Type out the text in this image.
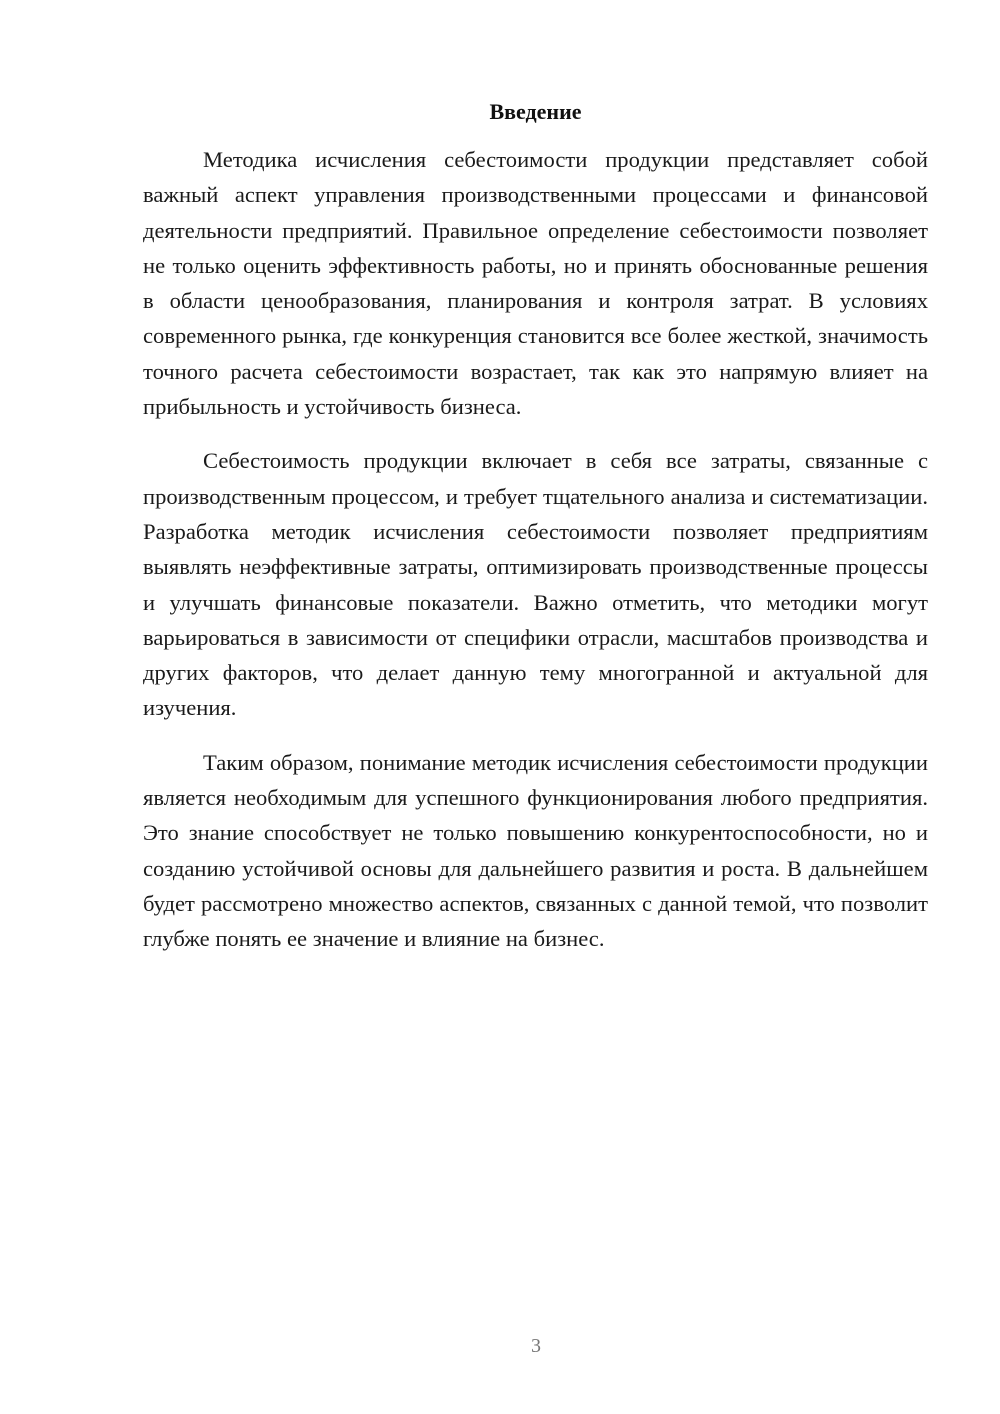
Введение

Методика исчисления себестоимости продукции представляет собой важный аспект управления производственными процессами и финансовой деятельности предприятий. Правильное определение себестоимости позволяет не только оценить эффективность работы, но и принять обоснованные решения в области ценообразования, планирования и контроля затрат. В условиях современного рынка, где конкуренция становится все более жесткой, значимость точного расчета себестоимости возрастает, так как это напрямую влияет на прибыльность и устойчивость бизнеса.

Себестоимость продукции включает в себя все затраты, связанные с производственным процессом, и требует тщательного анализа и систематизации. Разработка методик исчисления себестоимости позволяет предприятиям выявлять неэффективные затраты, оптимизировать производственные процессы и улучшать финансовые показатели. Важно отметить, что методики могут варьироваться в зависимости от специфики отрасли, масштабов производства и других факторов, что делает данную тему многогранной и актуальной для изучения.

Таким образом, понимание методик исчисления себестоимости продукции является необходимым для успешного функционирования любого предприятия. Это знание способствует не только повышению конкурентоспособности, но и созданию устойчивой основы для дальнейшего развития и роста. В дальнейшем будет рассмотрено множество аспектов, связанных с данной темой, что позволит глубже понять ее значение и влияние на бизнес.

3
